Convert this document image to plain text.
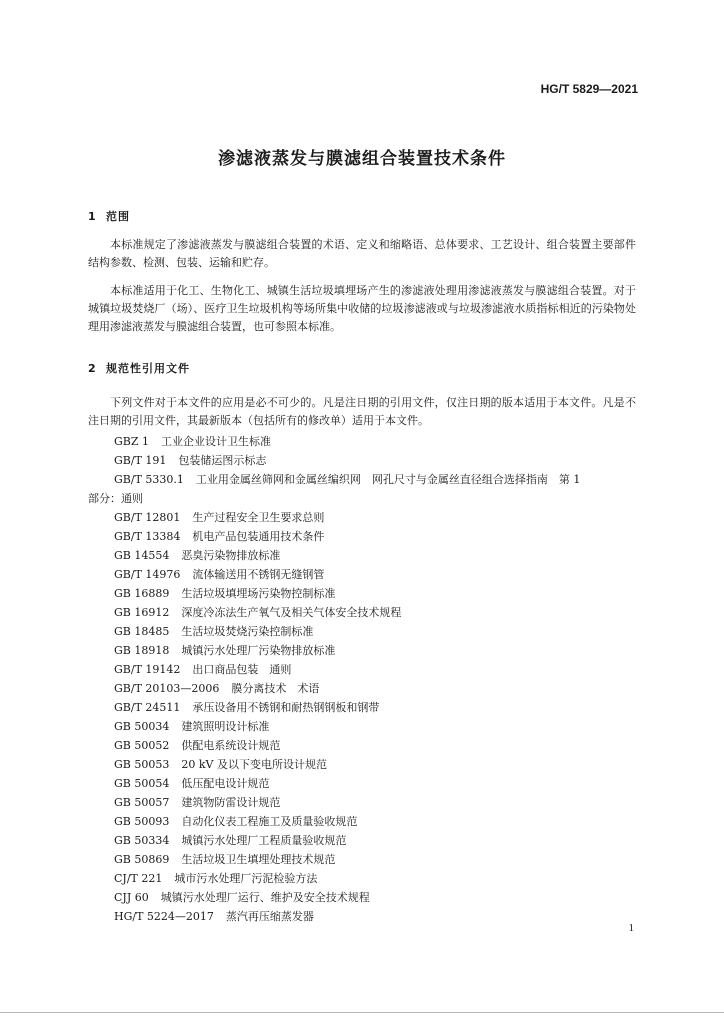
HG/T 5829—2021
渗滤液蒸发与膜滤组合装置技术条件
1 范围

本标准规定了渗滤液蒸发与膜滤组合装置的术语、定义和缩略语、总体要求、工艺设计、组合装置主要部件结构参数、检测、包装、运输和贮存。

本标准适用于化工、生物化工、城镇生活垃圾填埋场产生的渗滤液处理用渗滤液蒸发与膜滤组合装置。对于城镇垃圾焚烧厂（场）、医疗卫生垃圾机构等场所集中收储的垃圾渗滤液或与垃圾渗滤液水质指标相近的污染物处理用渗滤液蒸发与膜滤组合装置，也可参照本标准。

2 规范性引用文件

下列文件对于本文件的应用是必不可少的。凡是注日期的引用文件，仅注日期的版本适用于本文件。凡是不注日期的引用文件，其最新版本（包括所有的修改单）适用于本文件。

GBZ 1 工业企业设计卫生标准
GB/T 191 包装储运图示标志
GB/T 5330.1 工业用金属丝筛网和金属丝编织网　网孔尺寸与金属丝直径组合选择指南　第 1
部分：通则
GB/T 12801 生产过程安全卫生要求总则
GB/T 13384 机电产品包装通用技术条件
GB 14554 恶臭污染物排放标准
GB/T 14976 流体输送用不锈钢无缝钢管
GB 16889 生活垃圾填埋场污染物控制标准
GB 16912 深度冷冻法生产氧气及相关气体安全技术规程
GB 18485 生活垃圾焚烧污染控制标准
GB 18918 城镇污水处理厂污染物排放标准
GB/T 19142 出口商品包装　通则
GB/T 20103—2006 膜分离技术　术语
GB/T 24511 承压设备用不锈钢和耐热钢钢板和钢带
GB 50034 建筑照明设计标准
GB 50052 供配电系统设计规范
GB 50053 20 kV 及以下变电所设计规范
GB 50054 低压配电设计规范
GB 50057 建筑物防雷设计规范
GB 50093 自动化仪表工程施工及质量验收规范
GB 50334 城镇污水处理厂工程质量验收规范
GB 50869 生活垃圾卫生填埋处理技术规范
CJ/T 221 城市污水处理厂污泥检验方法
CJJ 60 城镇污水处理厂运行、维护及安全技术规程
HG/T 5224—2017 蒸汽再压缩蒸发器
1
